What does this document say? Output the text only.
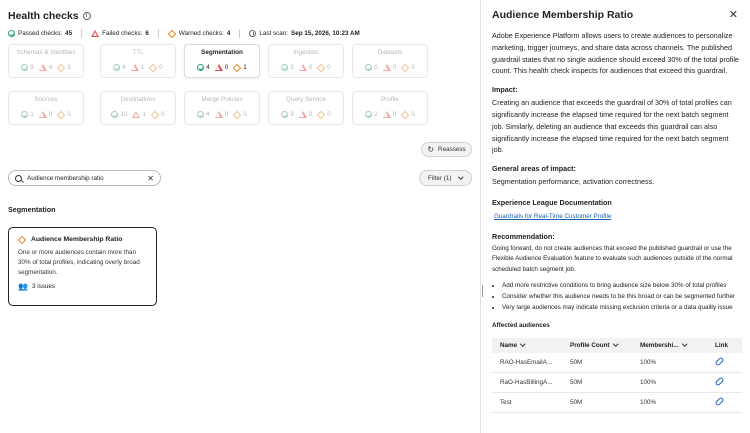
Health checks	i
Passed checks: 45	Failed checks: 6	Warned checks: 4	Last scan: Sep 15, 2026, 10:23 AM
Schemas & Identities
9 4 3
TTL
4 1 0
Segmentation
4 0 1
Ingestion
3 0 0
Datasets
5 0 0
Sources
1 0 0
Destinations
10 1 0
Merge Policies
4 0 0
Query Service
3 0 0
Profile
2 0 0
↻ Reassess
Filter (1)
Audience membership ratio	✕
Segmentation
Audience Membership Ratio
One or more audiences contain more than 30% of total profiles, indicating overly broad segmentation.
👥 3 issues
Audience Membership Ratio	✕

Adobe Experience Platform allows users to create audiences to personalize marketing, trigger journeys, and share data across channels. The published guardrail states that no single audience should exceed 30% of the total profile count. This health check inspects for audiences that exceed this guardrail.

Impact:

Creating an audience that exceeds the guardrail of 30% of total profiles can significantly increase the elapsed time required for the next batch segment job. Similarly, deleting an audience that exceeds this guardrail can also significantly increase the elapsed time required for the next batch segment job.

General areas of impact:

Segmentation performance, activation correctness.

Experience League Documentation
Guardrails for Real-Time Customer Profile
Recommendation:

Going forward, do not create audiences that exceed the published guardrail or use the Flexible Audience Evaluation feature to evaluate such audiences outside of the normal scheduled batch segment job.

• Add more restrictive conditions to bring audience size below 30% of total profiles
• Consider whether this audience needs to be this broad or can be segmented further
• Very large audiences may indicate missing exclusion criteria or a data quality issue
Affected audiences
Name	Profile Count	Membershi...	Link
RAO-HasEmailA...	50M	100%	
RaO-HasBillingA...	50M	100%	
Test	50M	100%	
